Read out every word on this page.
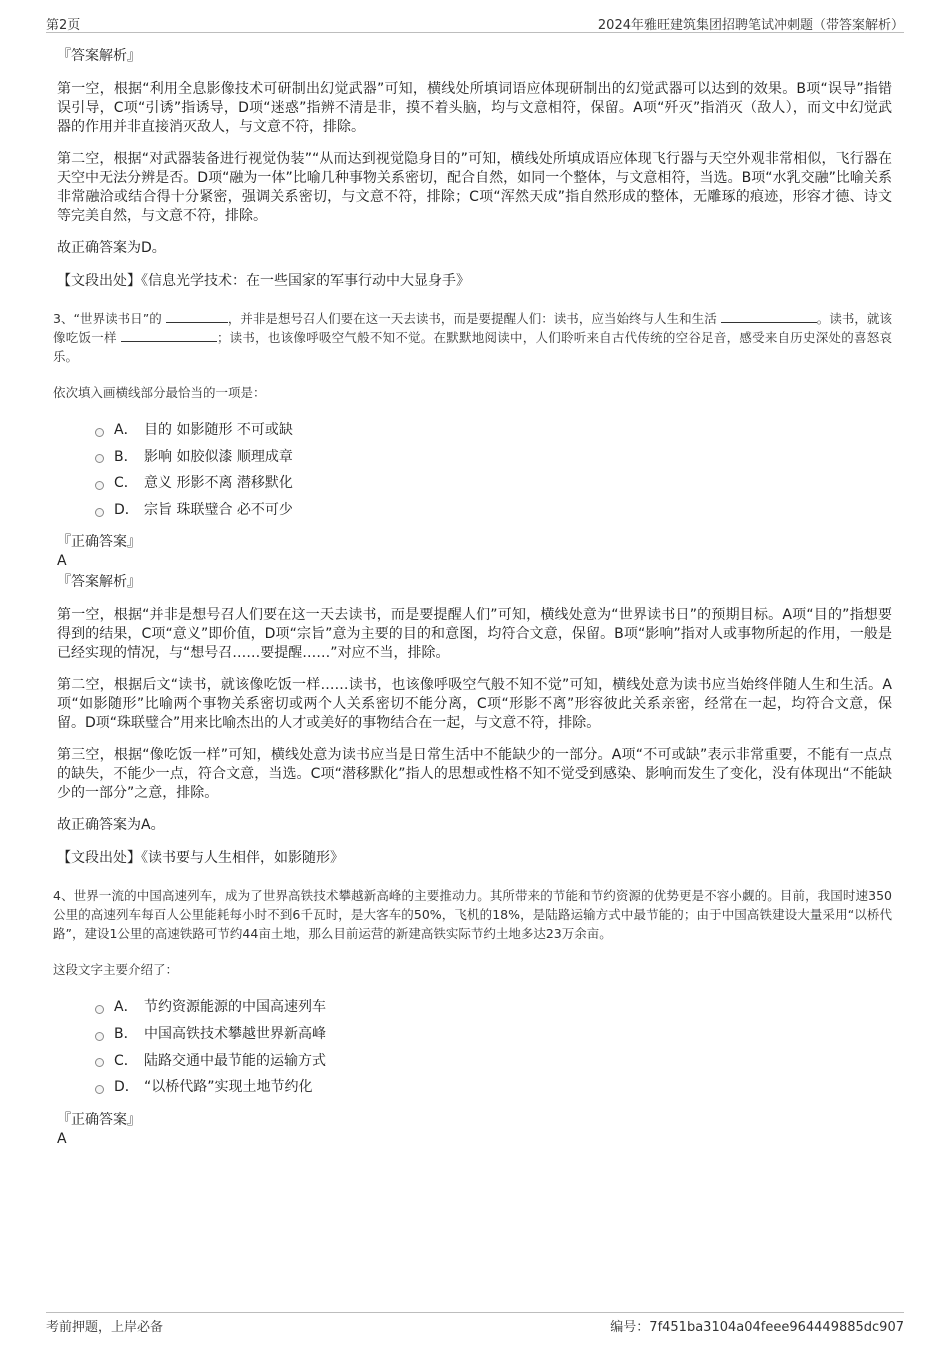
第2页	2024年雅旺建筑集团招聘笔试冲刺题（带答案解析）
『答案解析』

第一空，根据“利用全息影像技术可研制出幻觉武器”可知，横线处所填词语应体现研制出的幻觉武器可以达到的效果。B项“误导”指错误引导，C项“引诱”指诱导，D项“迷惑”指辨不清是非，摸不着头脑，均与文意相符，保留。A项“歼灭”指消灭（敌人），而文中幻觉武器的作用并非直接消灭敌人，与文意不符，排除。

第二空，根据“对武器装备进行视觉伪装”“从而达到视觉隐身目的”可知，横线处所填成语应体现飞行器与天空外观非常相似，飞行器在天空中无法分辨是否。D项“融为一体”比喻几种事物关系密切，配合自然，如同一个整体，与文意相符，当选。B项“水乳交融”比喻关系非常融洽或结合得十分紧密，强调关系密切，与文意不符，排除；C项“浑然天成”指自然形成的整体，无雕琢的痕迹，形容才德、诗文等完美自然，与文意不符，排除。

故正确答案为D。

【文段出处】《信息光学技术：在一些国家的军事行动中大显身手》

3、“世界读书日”的	，并非是想号召人们要在这一天去读书，而是要提醒人们：读书，应当始终与人生和生活	。读书，就该像吃饭一样	；读书，也该像呼吸空气般不知不觉。在默默地阅读中，人们聆听来自古代传统的空谷足音，感受来自历史深处的喜怒哀乐。

依次填入画横线部分最恰当的一项是：
A． 目的 如影随形 不可或缺
B． 影响 如胶似漆 顺理成章
C． 意义 形影不离 潜移默化
D． 宗旨 珠联璧合 必不可少
『正确答案』
A
『答案解析』

第一空，根据“并非是想号召人们要在这一天去读书，而是要提醒人们”可知，横线处意为“世界读书日”的预期目标。A项“目的”指想要得到的结果，C项“意义”即价值，D项“宗旨”意为主要的目的和意图，均符合文意，保留。B项“影响”指对人或事物所起的作用，一般是已经实现的情况，与“想号召……要提醒……”对应不当，排除。

第二空，根据后文“读书，就该像吃饭一样……读书，也该像呼吸空气般不知不觉”可知，横线处意为读书应当始终伴随人生和生活。A项“如影随形”比喻两个事物关系密切或两个人关系密切不能分离，C项“形影不离”形容彼此关系亲密，经常在一起，均符合文意，保留。D项“珠联璧合”用来比喻杰出的人才或美好的事物结合在一起，与文意不符，排除。

第三空，根据“像吃饭一样”可知，横线处意为读书应当是日常生活中不能缺少的一部分。A项“不可或缺”表示非常重要，不能有一点点的缺失，不能少一点，符合文意，当选。C项“潜移默化”指人的思想或性格不知不觉受到感染、影响而发生了变化，没有体现出“不能缺少的一部分”之意，排除。

故正确答案为A。

【文段出处】《读书要与人生相伴，如影随形》

4、世界一流的中国高速列车，成为了世界高铁技术攀越新高峰的主要推动力。其所带来的节能和节约资源的优势更是不容小觑的。目前，我国时速350公里的高速列车每百人公里能耗每小时不到6千瓦时，是大客车的50%，飞机的18%，是陆路运输方式中最节能的；由于中国高铁建设大量采用“以桥代路”，建设1公里的高速铁路可节约44亩土地，那么目前运营的新建高铁实际节约土地多达23万余亩。

这段文字主要介绍了：
A． 节约资源能源的中国高速列车
B． 中国高铁技术攀越世界新高峰
C． 陆路交通中最节能的运输方式
D． “以桥代路”实现土地节约化
『正确答案』
A
考前押题，上岸必备	编号：7f451ba3104a04feee964449885dc907
